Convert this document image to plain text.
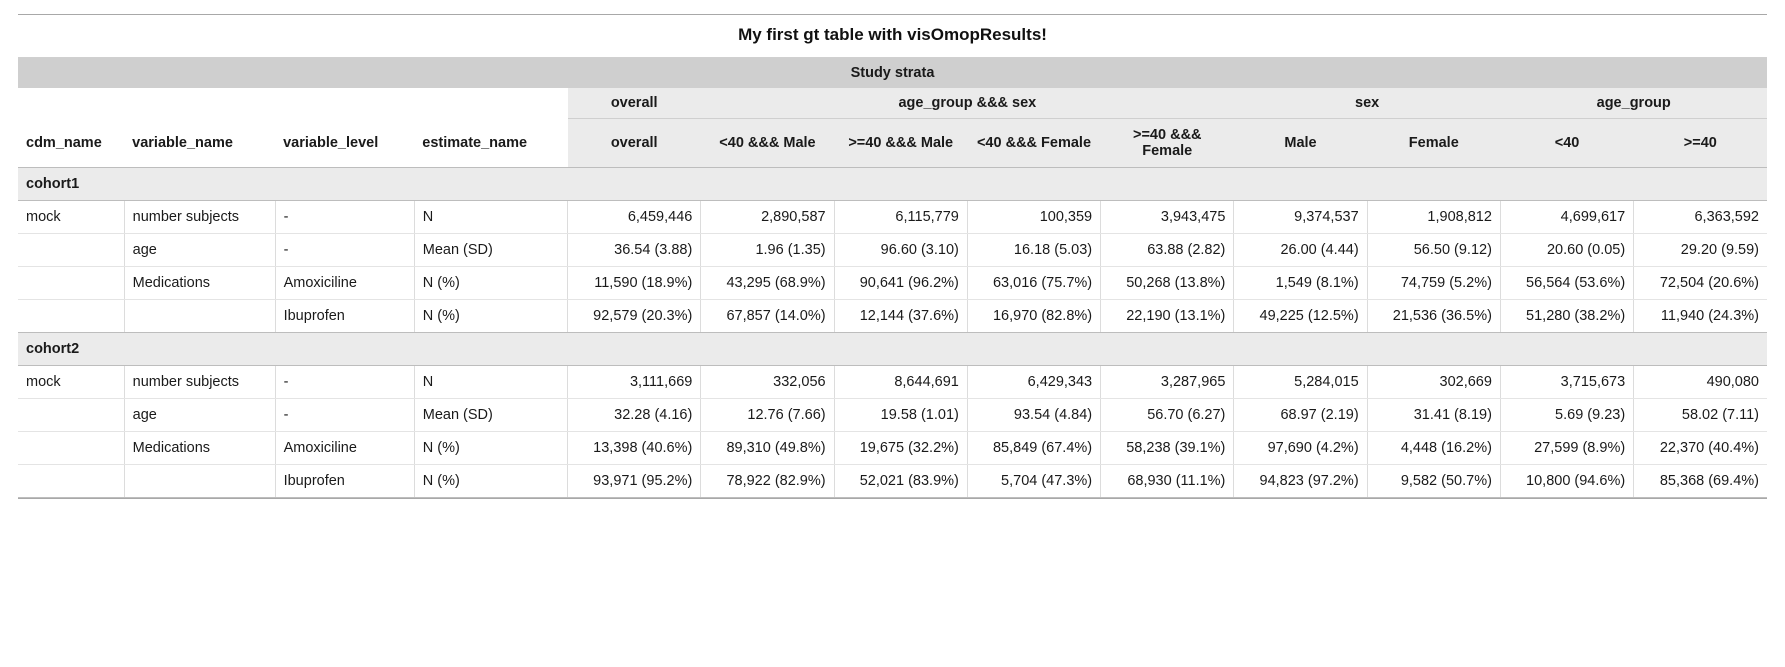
My first gt table with visOmopResults!												
Study strata												
				overall	age_group &&& sex				sex		age_group	
cdm_name	variable_name	variable_level	estimate_name	overall	<40 &&& Male	>=40 &&& Male	<40 &&& Female	>=40 &&& Female	Male	Female	<40	>=40
cohort1												
mock	number subjects	-	N	6,459,446	2,890,587	6,115,779	100,359	3,943,475	9,374,537	1,908,812	4,699,617	6,363,592
	age	-	Mean (SD)	36.54 (3.88)	1.96 (1.35)	96.60 (3.10)	16.18 (5.03)	63.88 (2.82)	26.00 (4.44)	56.50 (9.12)	20.60 (0.05)	29.20 (9.59)
	Medications	Amoxiciline	N (%)	11,590 (18.9%)	43,295 (68.9%)	90,641 (96.2%)	63,016 (75.7%)	50,268 (13.8%)	1,549 (8.1%)	74,759 (5.2%)	56,564 (53.6%)	72,504 (20.6%)
		Ibuprofen	N (%)	92,579 (20.3%)	67,857 (14.0%)	12,144 (37.6%)	16,970 (82.8%)	22,190 (13.1%)	49,225 (12.5%)	21,536 (36.5%)	51,280 (38.2%)	11,940 (24.3%)
cohort2												
mock	number subjects	-	N	3,111,669	332,056	8,644,691	6,429,343	3,287,965	5,284,015	302,669	3,715,673	490,080
	age	-	Mean (SD)	32.28 (4.16)	12.76 (7.66)	19.58 (1.01)	93.54 (4.84)	56.70 (6.27)	68.97 (2.19)	31.41 (8.19)	5.69 (9.23)	58.02 (7.11)
	Medications	Amoxiciline	N (%)	13,398 (40.6%)	89,310 (49.8%)	19,675 (32.2%)	85,849 (67.4%)	58,238 (39.1%)	97,690 (4.2%)	4,448 (16.2%)	27,599 (8.9%)	22,370 (40.4%)
		Ibuprofen	N (%)	93,971 (95.2%)	78,922 (82.9%)	52,021 (83.9%)	5,704 (47.3%)	68,930 (11.1%)	94,823 (97.2%)	9,582 (50.7%)	10,800 (94.6%)	85,368 (69.4%)
